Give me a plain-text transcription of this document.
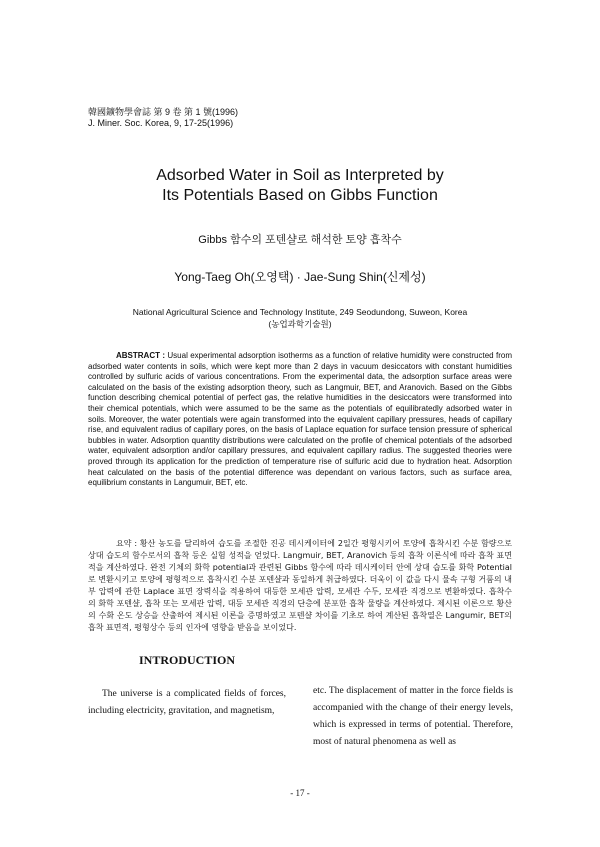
韓國鑛物學會誌 第 9 卷 第 1 號(1996)
J. Miner. Soc. Korea, 9, 17-25(1996)
Adsorbed Water in Soil as Interpreted by
Its Potentials Based on Gibbs Function
Gibbs 함수의 포텐샬로 해석한 토양 흡착수
Yong-Taeg Oh(오영택) · Jae-Sung Shin(신제성)
National Agricultural Science and Technology Institute, 249 Seodundong, Suweon, Korea
(농업과학기술원)

ABSTRACT : Usual experimental adsorption isotherms as a function of relative humidity were constructed from adsorbed water contents in soils, which were kept more than 2 days in vacuum desiccators with constant humidities controlled by sulfuric acids of various concentrations. From the experimental data, the adsorption surface areas were calculated on the basis of the existing adsorption theory, such as Langmuir, BET, and Aranovich. Based on the Gibbs function describing chemical potential of perfect gas, the relative humidities in the desiccators were transformed into their chemical potentials, which were assumed to be the same as the potentials of equilibratedly adsorbed water in soils. Moreover, the water potentials were again transformed into the equivalent capillary pressures, heads of capillary rise, and equivalent radius of capillary pores, on the basis of Laplace equation for surface tension pressure of spherical bubbles in water. Adsorption quantity distributions were calculated on the profile of chemical potentials of the adsorbed water, equivalent adsorption and/or capillary pressures, and equivalent capillary radius. The suggested theories were proved through its application for the prediction of temperature rise of sulfuric acid due to hydration heat. Adsorption heat calculated on the basis of the potential difference was dependant on various factors, such as surface area, equilibrium constants in Langumuir, BET, etc.

요약 : 황산 농도를 달리하여 습도를 조절한 진공 데시케이터에 2일간 평형시키어 토양에 흡착시킨 수분 함량으로 상대 습도의 함수로서의 흡착 등온 실험 성적을 얻었다. Langmuir, BET, Aranovich 등의 흡착 이론식에 따라 흡착 표면적을 계산하였다. 완전 기체의 화학 potential과 관련된 Gibbs 함수에 따라 데시케이터 안에 상대 습도를 화학 Potential로 변환시키고 토양에 평형적으로 흡착시킨 수분 포텐샬과 동일하게 취급하였다. 더욱이 이 값을 다시 물속 구형 거품의 내부 압력에 관한 Laplace 표면 장력식을 적용하여 대등한 모세관 압력, 모세관 수두, 모세관 직경으로 변환하였다. 흡착수의 화학 포텐샬, 흡착 또는 모세관 압력, 대등 모세관 직경의 단층에 분포한 흡착 물량을 계산하였다. 제시된 이론으로 황산의 수화 온도 상승을 산출하여 제시된 이론을 증명하였고 포텐샬 차이를 기초로 하여 계산된 흡착열은 Langumir, BET의 흡착 표면적, 평형상수 등의 인자에 영향을 받음을 보이었다.

INTRODUCTION

The universe is a complicated fields of forces, including electricity, gravitation, and magnetism,

etc. The displacement of matter in the force fields is accompanied with the change of their energy levels, which is expressed in terms of potential. Therefore, most of natural phenomena as well as
- 17 -
